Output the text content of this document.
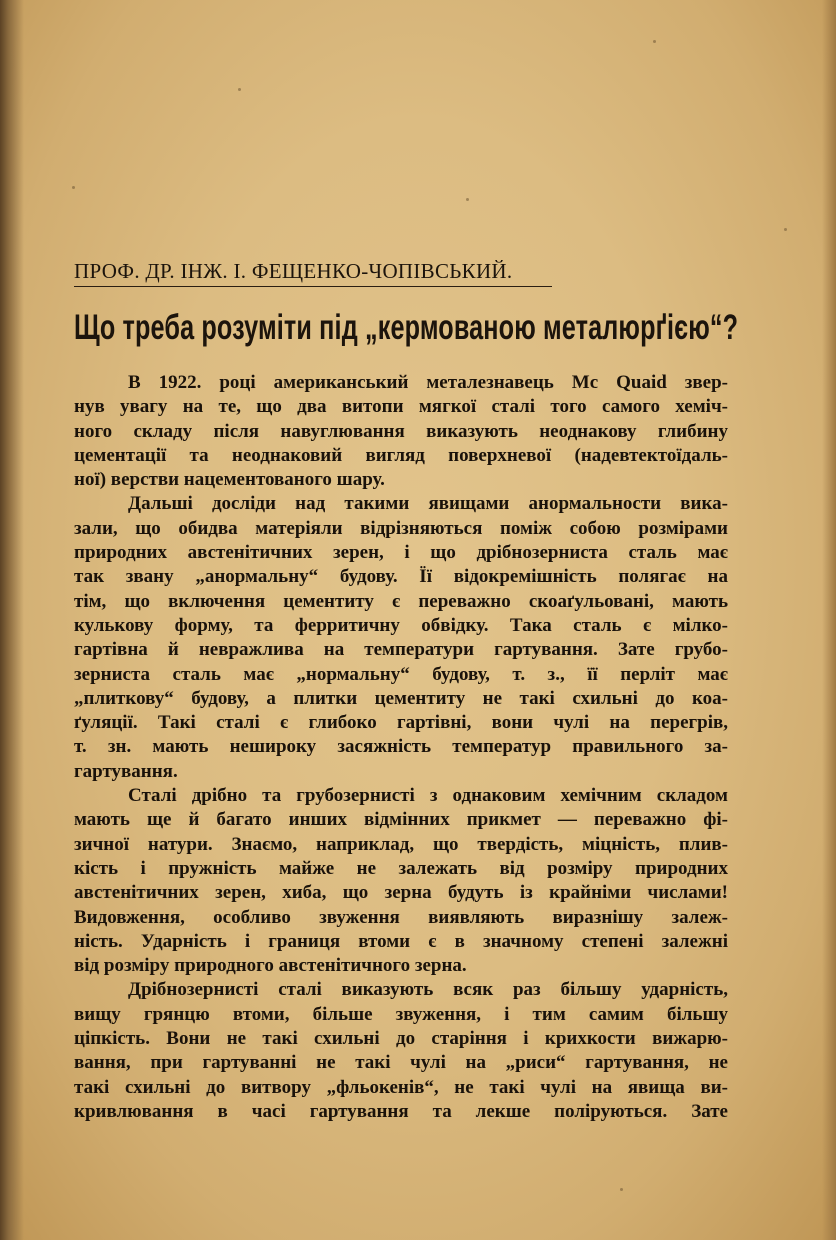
ПРОФ. ДР. ІНЖ. І. ФЕЩЕНКО-ЧОПІВСЬКИЙ.
Що треба розуміти під „кермованою металюрґією“?
В 1922. році американський металезнавець Mc Quaid звер-
нув увагу на те, що два витопи мягкої сталі того самого хеміч-
ного складу після навуглювання виказують неоднакову глибину
цементації та неоднаковий вигляд поверхневої (надевтектоїдаль-
ної) верстви нацементованого шару.
Дальші досліди над такими явищами анормальности вика-
зали, що обидва матеріяли відрізняються поміж собою розмірами
природних австенітичних зерен, і що дрібнозерниста сталь має
так звану „анормальну“ будову. Її відокремішність полягає на
тім, що включення цементиту є переважно скоаґульовані, мають
кулькову форму, та ферритичну обвідку. Така сталь є мілко-
гартівна й невражлива на температури гартування. Зате грубо-
зерниста сталь має „нормальну“ будову, т. з., її перліт має
„плиткову“ будову, а плитки цементиту не такі схильні до коа-
ґуляції. Такі сталі є глибоко гартівні, вони чулі на перегрів,
т. зн. мають нешироку засяжність температур правильного за-
гартування.
Сталі дрібно та грубозернисті з однаковим хемічним складом
мають ще й багато инших відмінних прикмет — переважно фі-
зичної натури. Знаємо, наприклад, що твердість, міцність, плив-
кість і пружність майже не залежать від розміру природних
австенітичних зерен, хиба, що зерна будуть із крайніми числами!
Видовження, особливо звуження виявляють виразнішу залеж-
ність. Ударність і границя втоми є в значному степені залежні
від розміру природного австенітичного зерна.
Дрібнозернисті сталі виказують всяк раз більшу ударність,
вищу грянцю втоми, більше звуження, і тим самим більшу
ціпкість. Вони не такі схильні до старіння і крихкости вижарю-
вання, при гартуванні не такі чулі на „риси“ гартування, не
такі схильні до витвору „фльокенів“, не такі чулі на явища ви-
кривлювання в часі гартування та лекше поліруються. Зате
